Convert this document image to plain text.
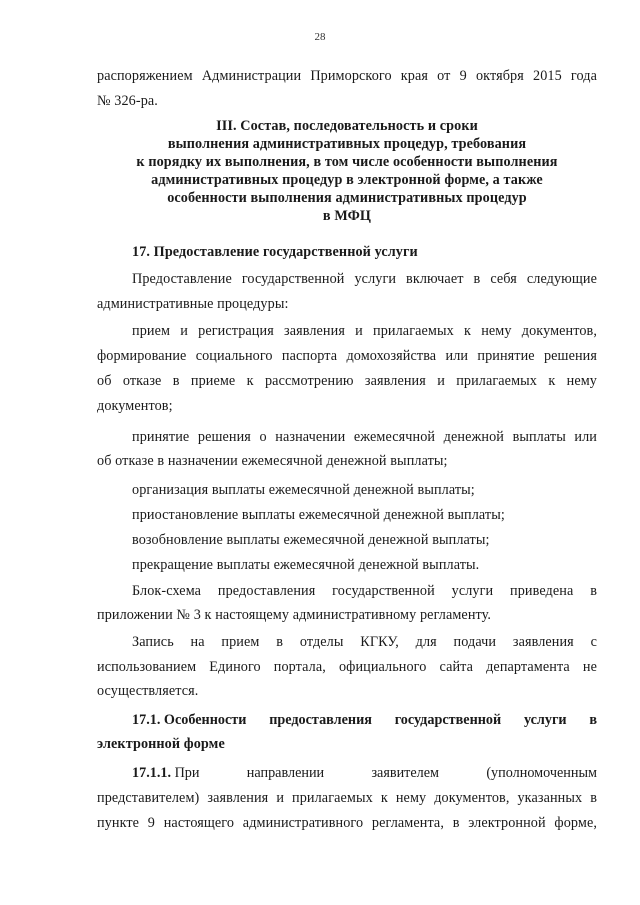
28
распоряжением Администрации Приморского края от 9 октября 2015 года
№ 326-ра.
III. Состав, последовательность и сроки
выполнения административных процедур, требования
к порядку их выполнения, в том числе особенности выполнения
административных процедур в электронной форме, а также
особенности выполнения административных процедур
в МФЦ
17. Предоставление государственной услуги
Предоставление государственной услуги включает в себя следующие
административные процедуры:
прием и регистрация заявления и прилагаемых к нему документов,
формирование социального паспорта домохозяйства или принятие решения
об отказе в приеме к рассмотрению заявления и прилагаемых к нему
документов;
принятие решения о назначении ежемесячной денежной выплаты или
об отказе в назначении ежемесячной денежной выплаты;
организация выплаты ежемесячной денежной выплаты;
приостановление выплаты ежемесячной денежной выплаты;
возобновление выплаты ежемесячной денежной выплаты;
прекращение выплаты ежемесячной денежной выплаты.
Блок-схема предоставления государственной услуги приведена в
приложении № 3 к настоящему административному регламенту.
Запись на прием в отделы КГКУ, для подачи заявления с
использованием Единого портала, официального сайта департамента не
осуществляется.
17.1. Особенности предоставления государственной услуги в
электронной форме
17.1.1. При	направлении	заявителем	(уполномоченным
представителем) заявления и прилагаемых к нему документов, указанных в
пункте 9 настоящего административного регламента, в электронной форме,
